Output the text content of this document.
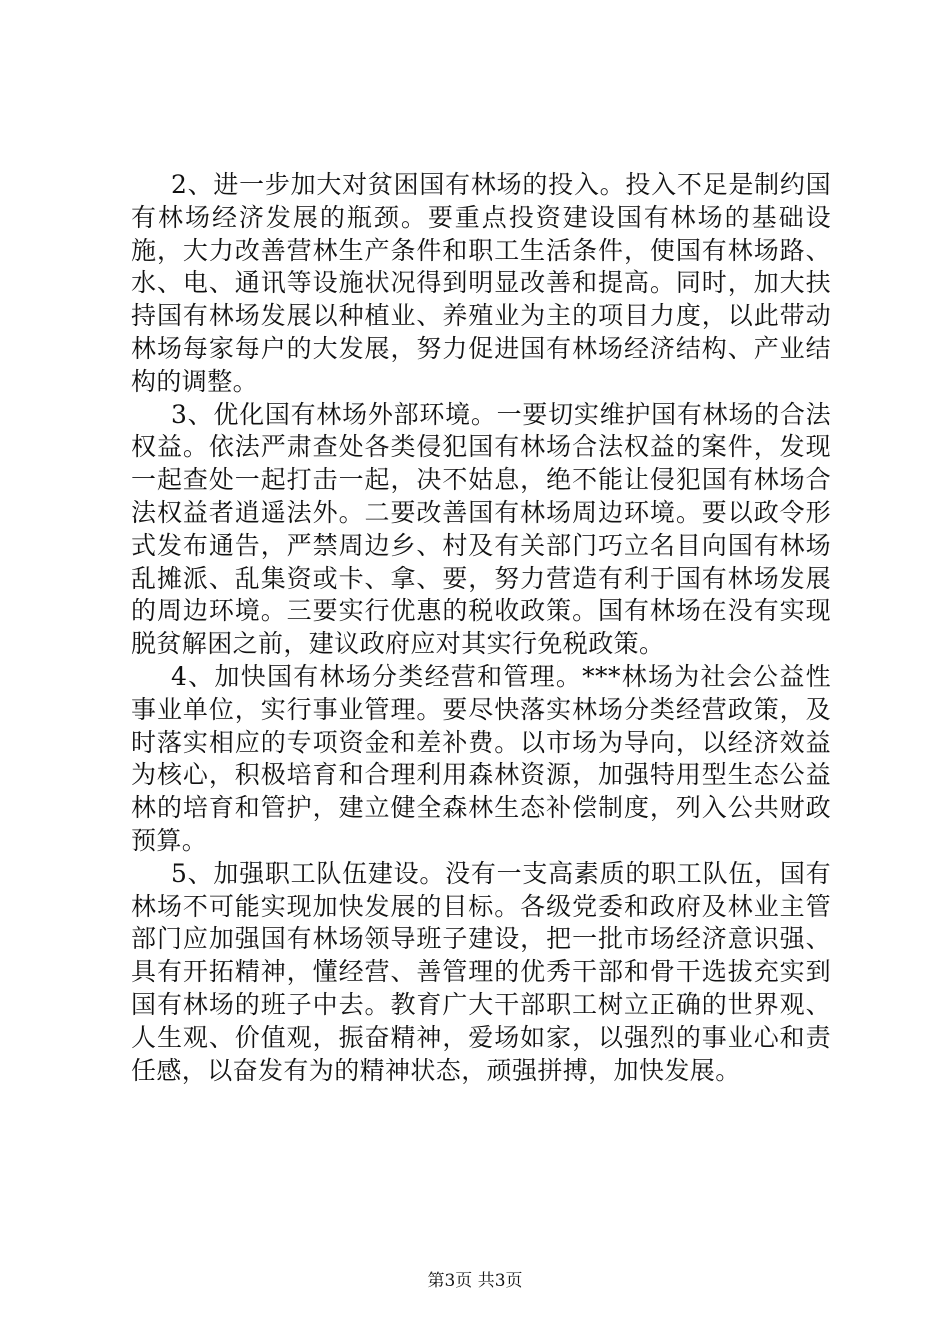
2、进一步加大对贫困国有林场的投入。投入不足是制约国有林场经济发展的瓶颈。要重点投资建设国有林场的基础设施，大力改善营林生产条件和职工生活条件，使国有林场路、水、电、通讯等设施状况得到明显改善和提高。同时，加大扶持国有林场发展以种植业、养殖业为主的项目力度，以此带动林场每家每户的大发展，努力促进国有林场经济结构、产业结构的调整。

3、优化国有林场外部环境。一要切实维护国有林场的合法权益。依法严肃查处各类侵犯国有林场合法权益的案件，发现一起查处一起打击一起，决不姑息，绝不能让侵犯国有林场合法权益者逍遥法外。二要改善国有林场周边环境。要以政令形式发布通告，严禁周边乡、村及有关部门巧立名目向国有林场乱摊派、乱集资或卡、拿、要，努力营造有利于国有林场发展的周边环境。三要实行优惠的税收政策。国有林场在没有实现脱贫解困之前，建议政府应对其实行免税政策。

4、加快国有林场分类经营和管理。***林场为社会公益性事业单位，实行事业管理。要尽快落实林场分类经营政策，及时落实相应的专项资金和差补费。以市场为导向，以经济效益为核心，积极培育和合理利用森林资源，加强特用型生态公益林的培育和管护，建立健全森林生态补偿制度，列入公共财政预算。

5、加强职工队伍建设。没有一支高素质的职工队伍，国有林场不可能实现加快发展的目标。各级党委和政府及林业主管部门应加强国有林场领导班子建设，把一批市场经济意识强、具有开拓精神，懂经营、善管理的优秀干部和骨干选拔充实到国有林场的班子中去。教育广大干部职工树立正确的世界观、人生观、价值观，振奋精神，爱场如家，以强烈的事业心和责任感，以奋发有为的精神状态，顽强拼搏，加快发展。

第3页 共3页
